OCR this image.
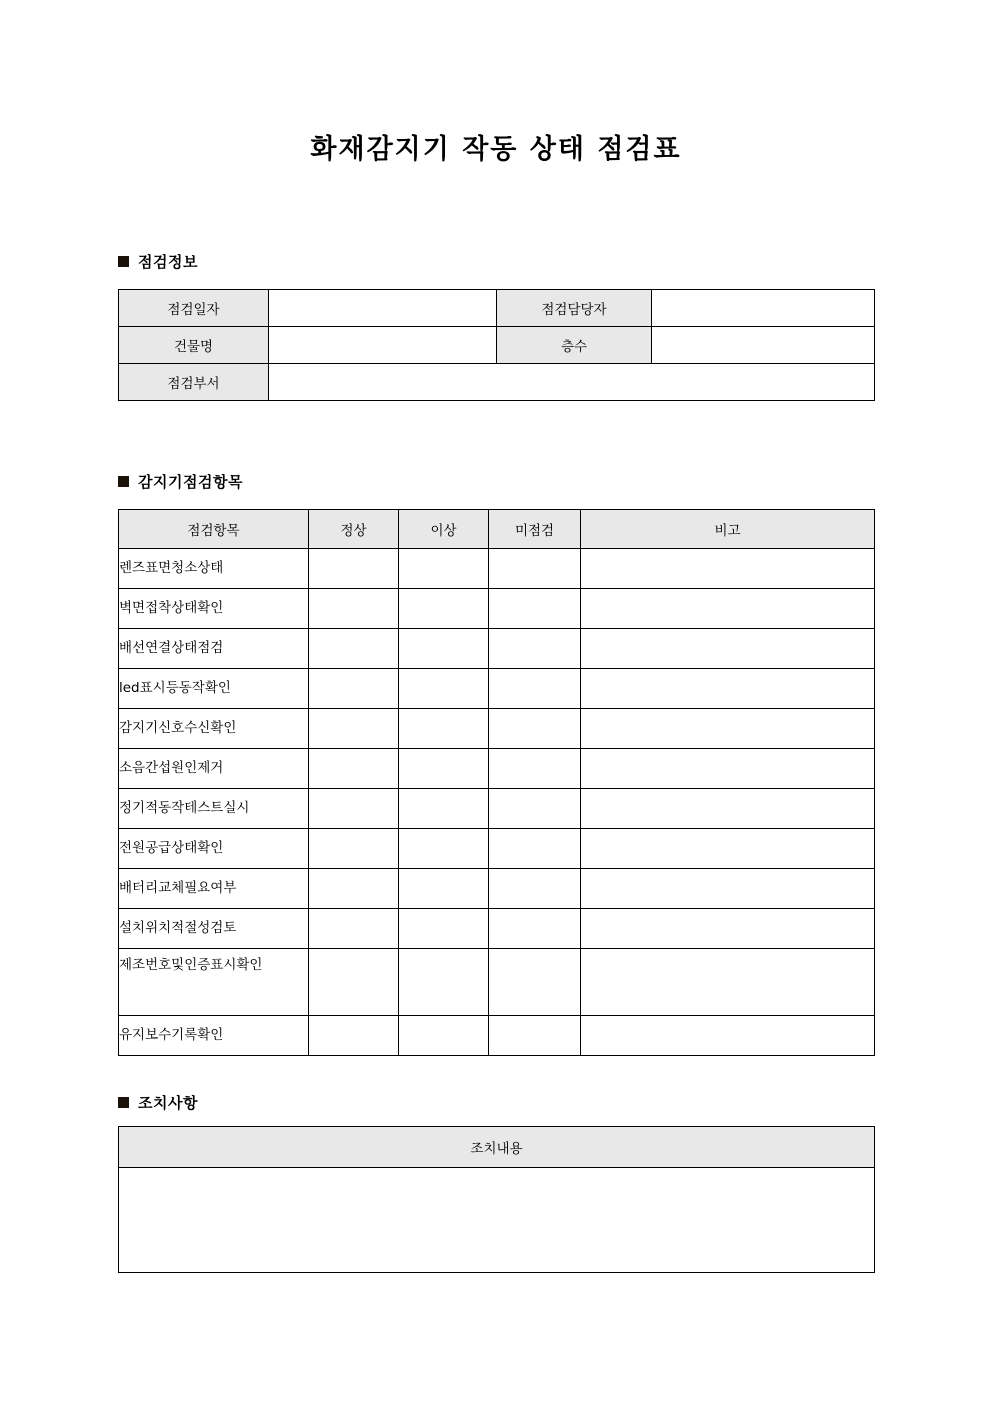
화재감지기 작동 상태 점검표
점검정보
점검일자		점검담당자	
건물명		층수	
점검부서			
감지기점검항목
점검항목	정상	이상	미점검	비고
렌즈표면청소상태				
벽면접착상태확인				
배선연결상태점검				
led표시등동작확인				
감지기신호수신확인				
소음간섭원인제거				
정기적동작테스트실시				
전원공급상태확인				
배터리교체필요여부				
설치위치적절성검토				
제조번호및인증표시확인				
유지보수기록확인				
조치사항
조치내용
